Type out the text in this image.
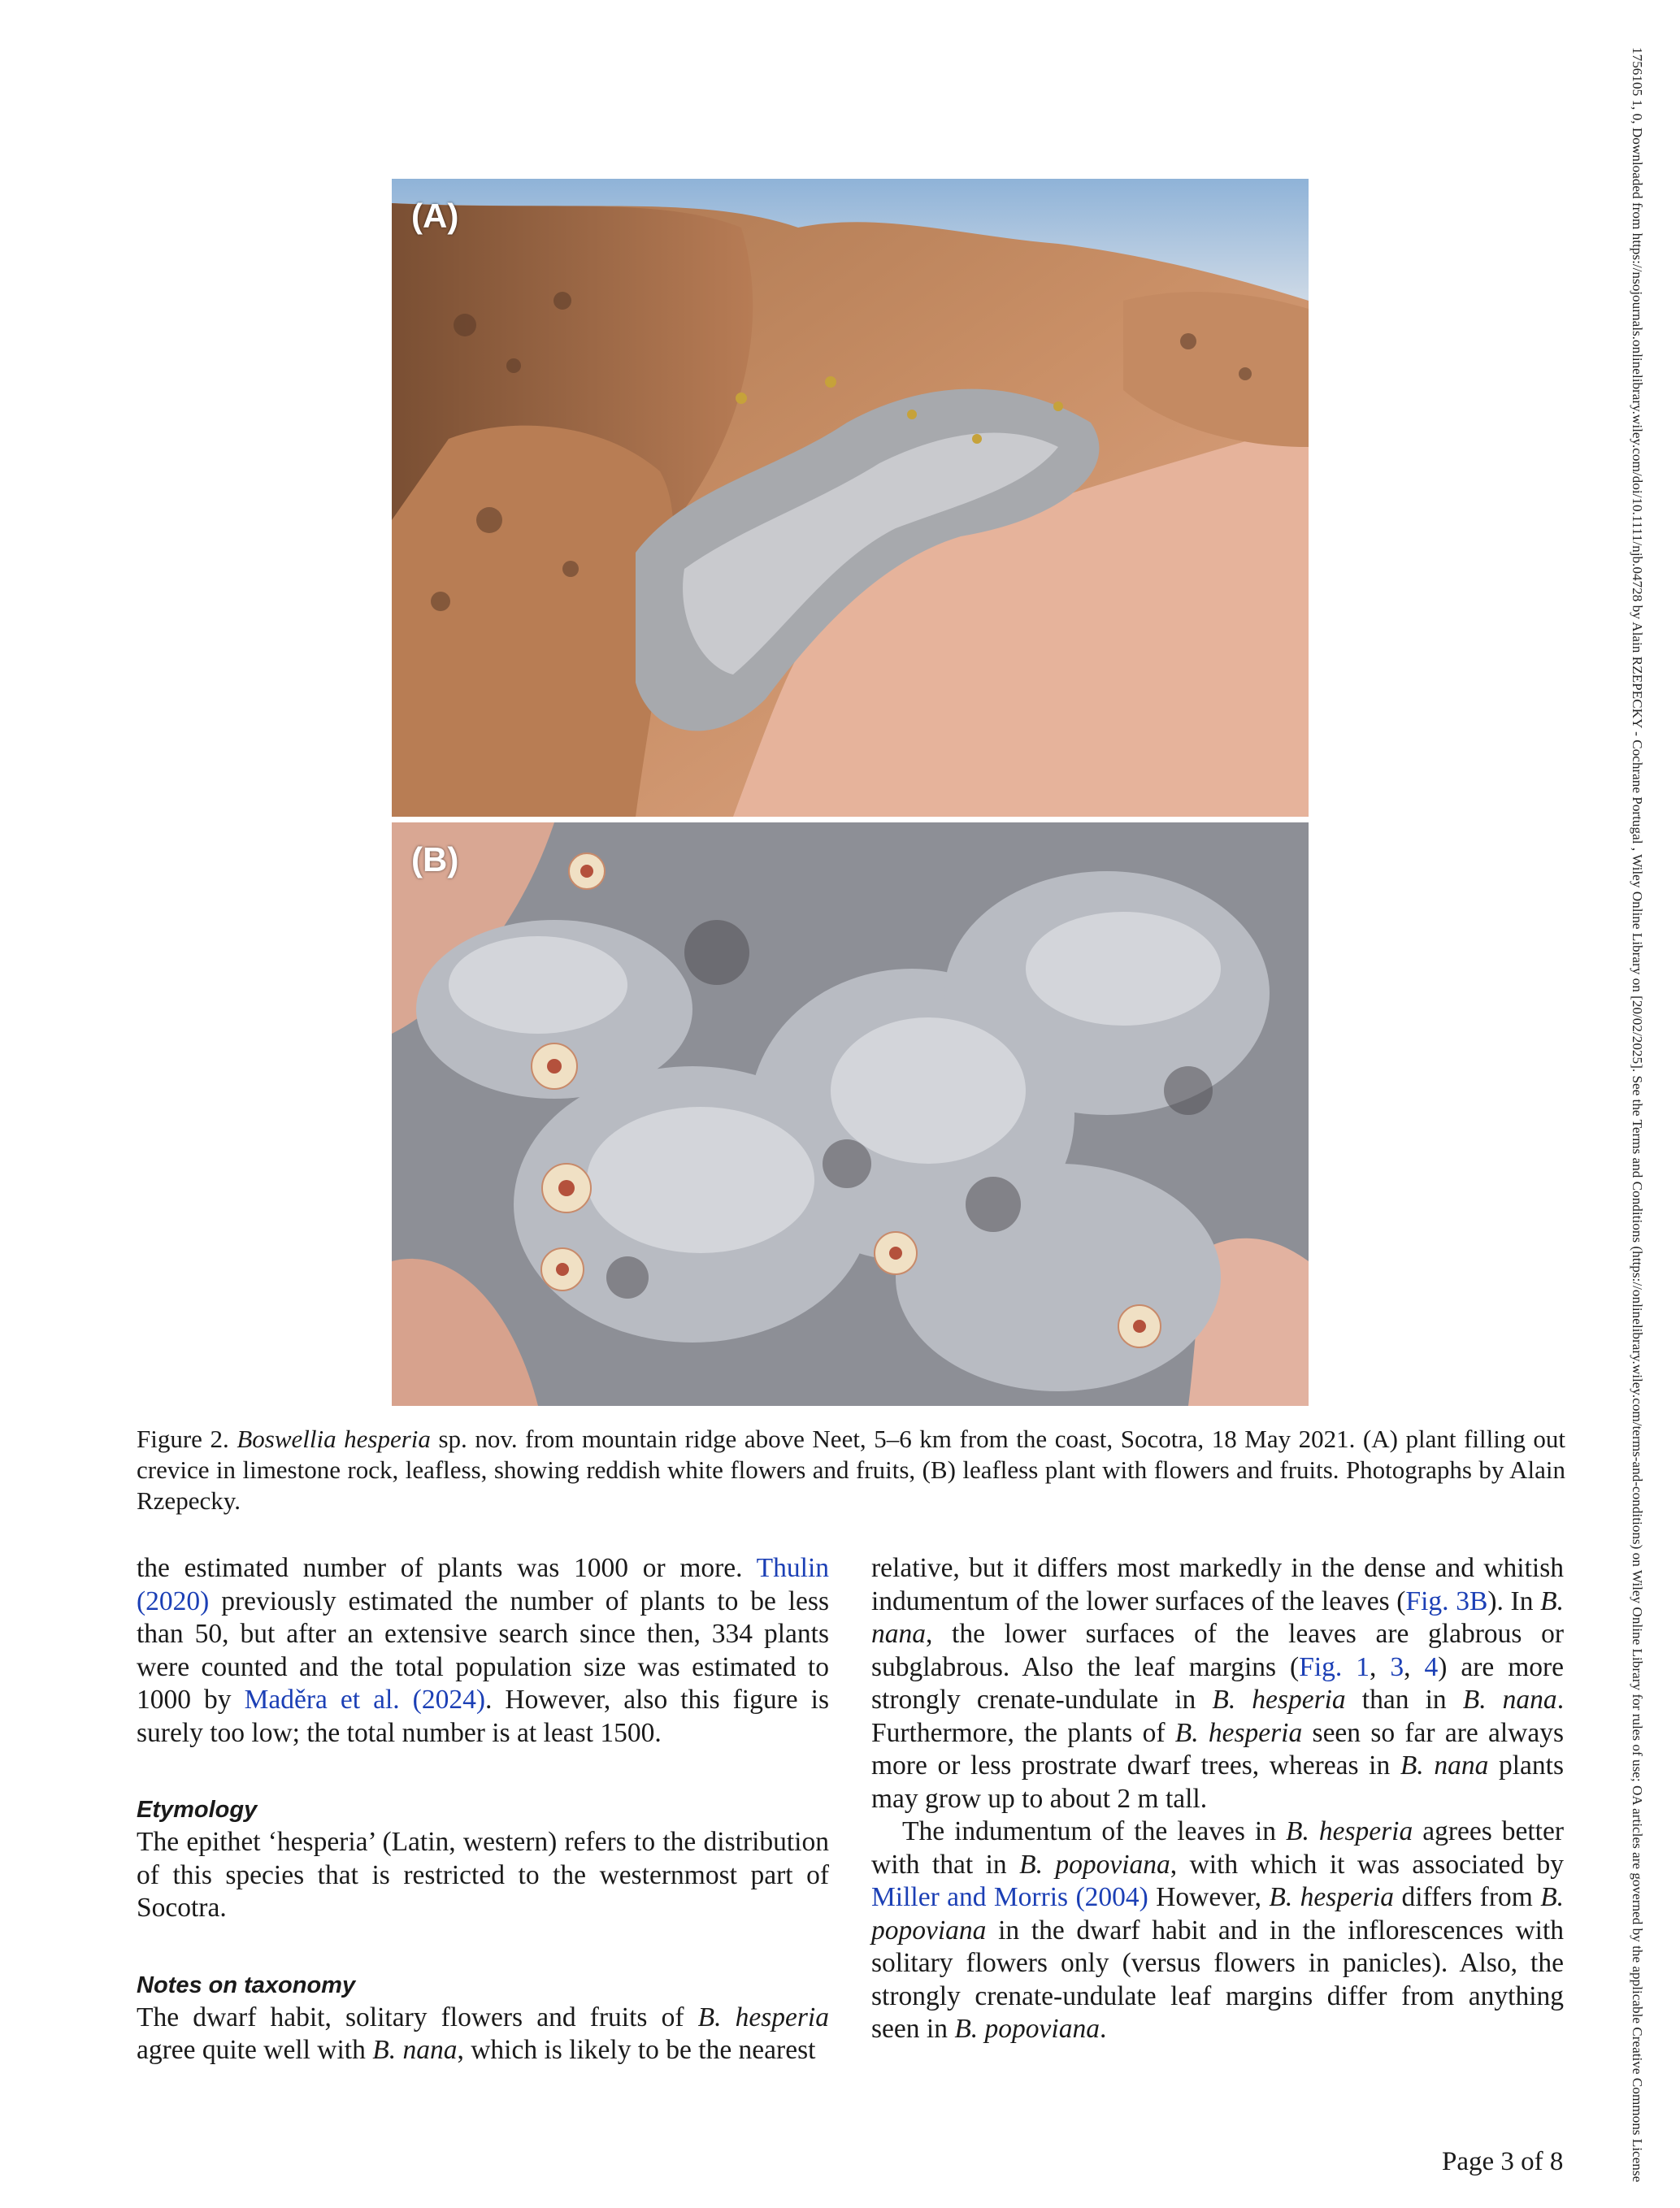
(A)
(B)
Figure 2. Boswellia hesperia sp. nov. from mountain ridge above Neet, 5–6 km from the coast, Socotra, 18 May 2021. (A) plant filling out crevice in limestone rock, leafless, showing reddish white flowers and fruits, (B) leafless plant with flowers and fruits. Photographs by Alain Rzepecky.

the estimated number of plants was 1000 or more. Thulin (2020) previously estimated the number of plants to be less than 50, but after an extensive search since then, 334 plants were counted and the total population size was estimated to 1000 by Maděra et al. (2024). However, also this figure is surely too low; the total number is at least 1500.

Etymology

The epithet ‘hesperia’ (Latin, western) refers to the distribution of this species that is restricted to the westernmost part of Socotra.

Notes on taxonomy

The dwarf habit, solitary flowers and fruits of B. hesperia agree quite well with B. nana, which is likely to be the nearest

relative, but it differs most markedly in the dense and whitish indumentum of the lower surfaces of the leaves (Fig. 3B). In B. nana, the lower surfaces of the leaves are glabrous or subglabrous. Also the leaf margins (Fig. 1, 3, 4) are more strongly crenate-undulate in B. hesperia than in B. nana. Furthermore, the plants of B. hesperia seen so far are always more or less prostrate dwarf trees, whereas in B. nana plants may grow up to about 2 m tall.

The indumentum of the leaves in B. hesperia agrees better with that in B. popoviana, with which it was associated by Miller and Morris (2004) However, B. hesperia differs from B. popoviana in the dwarf habit and in the inflorescences with solitary flowers only (versus flowers in panicles). Also, the strongly crenate-undulate leaf margins differ from anything seen in B. popoviana.

Page 3 of 8	1756105 1, 0, Downloaded from https://nsojournals.onlinelibrary.wiley.com/doi/10.1111/njb.04728 by Alain RZEPECKY - Cochrane Portugal , Wiley Online Library on [20/02/2025]. See the Terms and Conditions (https://onlinelibrary.wiley.com/terms-and-conditions) on Wiley Online Library for rules of use; OA articles are governed by the applicable Creative Commons License
